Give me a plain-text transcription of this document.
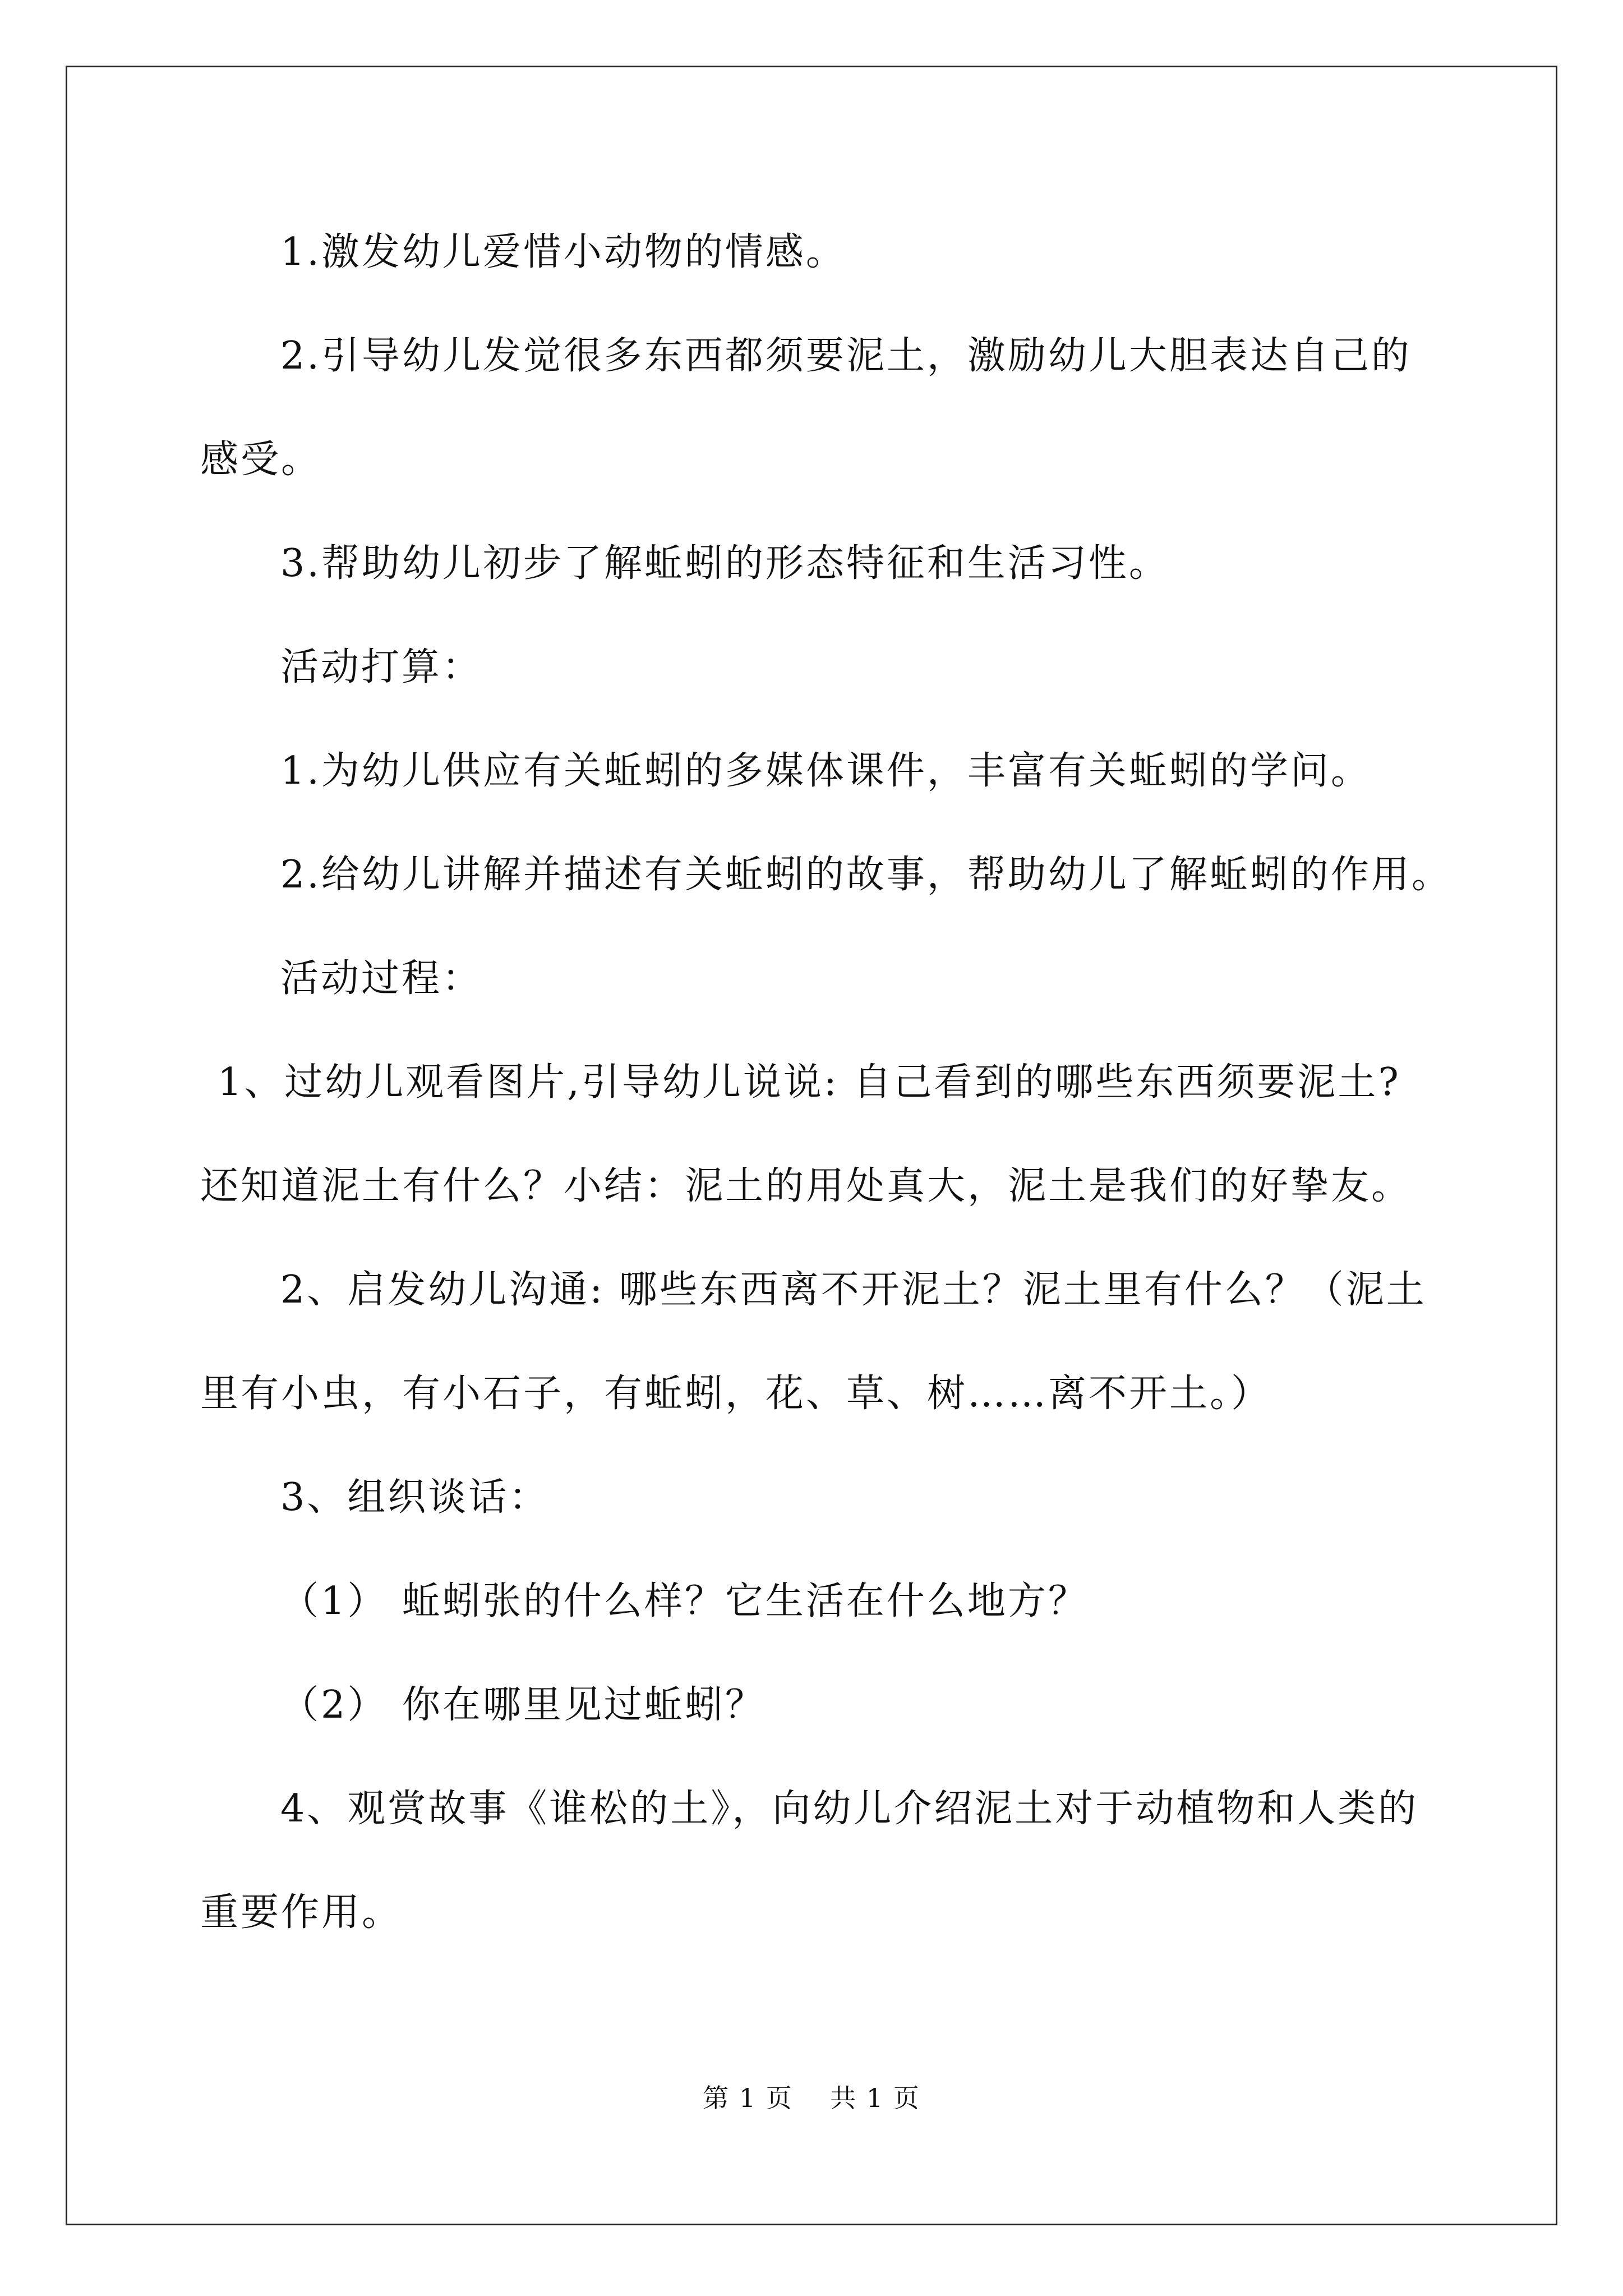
1.激发幼儿爱惜小动物的情感。

2.引导幼儿发觉很多东西都须要泥土，激励幼儿大胆表达自己的

感受。

3.帮助幼儿初步了解蚯蚓的形态特征和生活习性。

活动打算：

1.为幼儿供应有关蚯蚓的多媒体课件，丰富有关蚯蚓的学问。

2.给幼儿讲解并描述有关蚯蚓的故事，帮助幼儿了解蚯蚓的作用。

活动过程：

1、过幼儿观看图片,引导幼儿说说: 自己看到的哪些东西须要泥土?

还知道泥土有什么？小结：泥土的用处真大，泥土是我们的好挚友。

2、启发幼儿沟通: 哪些东西离不开泥土？泥土里有什么？（泥土

里有小虫，有小石子，有蚯蚓，花、草、树……离不开土。）

3、组织谈话：

（1） 蚯蚓张的什么样？它生活在什么地方？

（2） 你在哪里见过蚯蚓？

4、观赏故事《谁松的土》，向幼儿介绍泥土对于动植物和人类的

重要作用。

第 1 页    共 1 页
